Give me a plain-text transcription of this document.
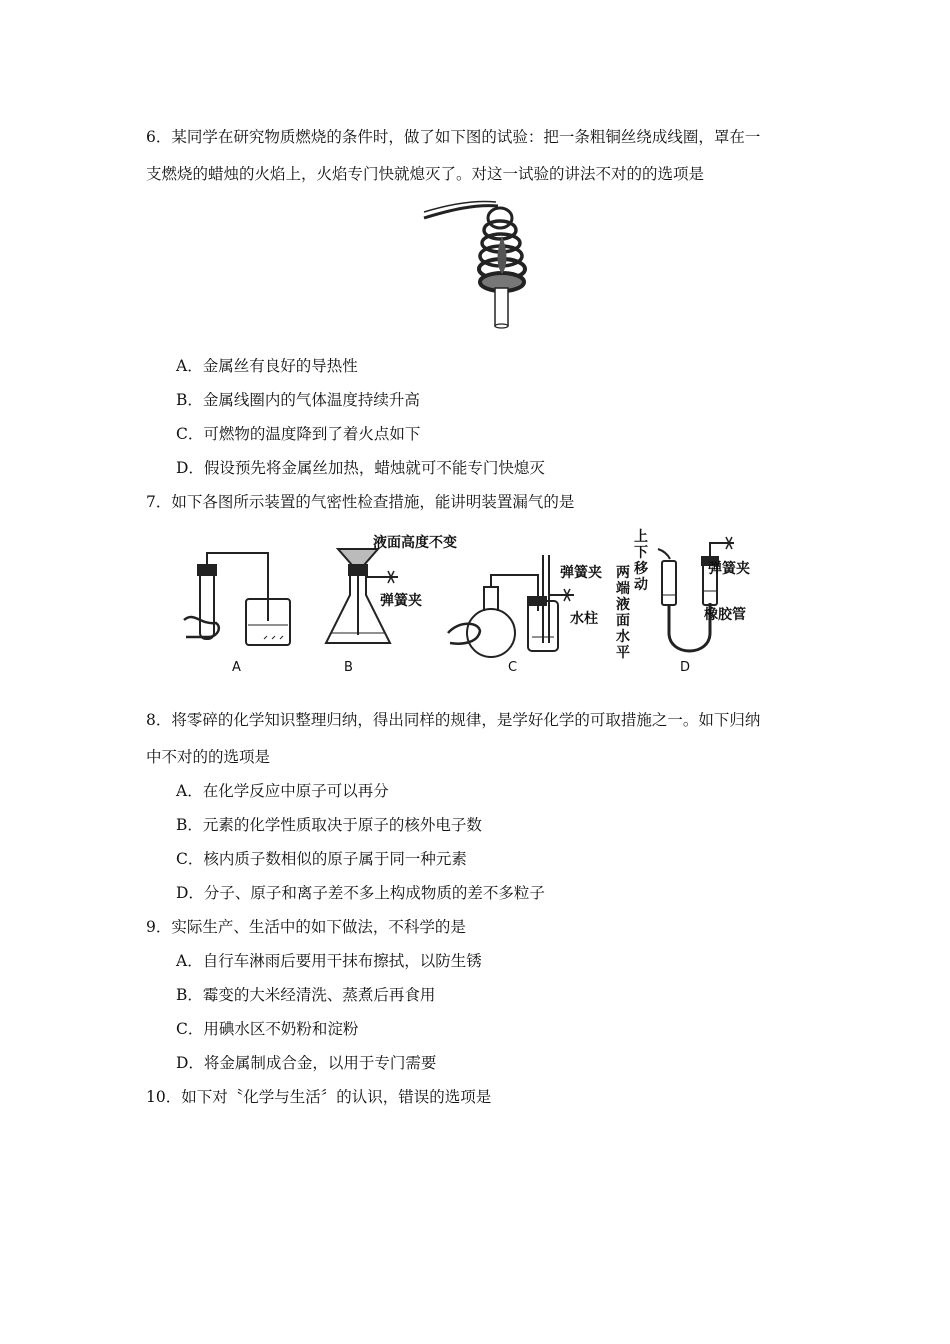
6．某同学在研究物质燃烧的条件时，做了如下图的试验：把一条粗铜丝绕成线圈，罩在一
支燃烧的蜡烛的火焰上，火焰专门快就熄灭了。对这一试验的讲法不对的的选项是
A．金属丝有良好的导热性
B．金属线圈内的气体温度持续升高
C．可燃物的温度降到了着火点如下
D．假设预先将金属丝加热，蜡烛就可不能专门快熄灭
7．如下各图所示装置的气密性检查措施，能讲明装置漏气的是
液面高度不变
弹簧夹
弹簧夹
水柱
弹簧夹
橡胶管
上
下
移
动
两
端
液
面
水
平
A	B	C	D
8．将零碎的化学知识整理归纳，得出同样的规律，是学好化学的可取措施之一。如下归纳
中不对的的选项是
A．在化学反应中原子可以再分
B．元素的化学性质取决于原子的核外电子数
C．核内质子数相似的原子属于同一种元素
D．分子、原子和离子差不多上构成物质的差不多粒子
9．实际生产、生活中的如下做法，不科学的是
A．自行车淋雨后要用干抹布擦拭，以防生锈
B．霉变的大米经清洗、蒸煮后再食用
C．用碘水区不奶粉和淀粉
D．将金属制成合金，以用于专门需要
10．如下对〝化学与生活〞的认识，错误的选项是
